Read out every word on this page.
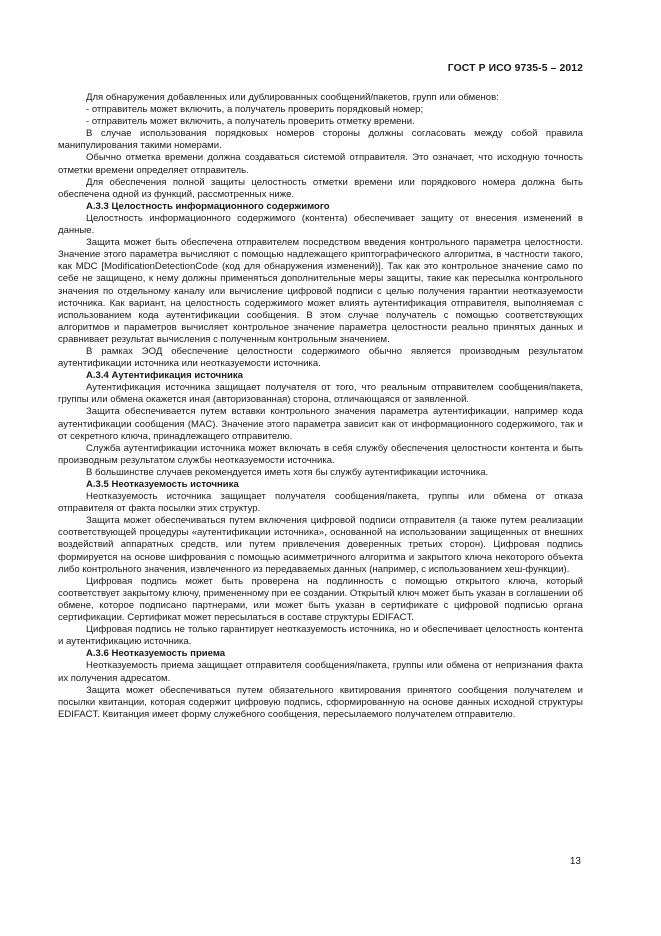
ГОСТ Р ИСО 9735-5 – 2012

Для обнаружения добавленных или дублированных сообщений/пакетов, групп или обменов:

- отправитель может включить, а получатель проверить порядковый номер;

- отправитель может включить, а получатель проверить отметку времени.

В случае использования порядковых номеров стороны должны согласовать между собой правила манипулирования такими номерами.

Обычно отметка времени должна создаваться системой отправителя. Это означает, что исходную точность отметки времени определяет отправитель.

Для обеспечения полной защиты целостность отметки времени или порядкового номера должна быть обеспечена одной из функций, рассмотренных ниже.

А.3.3 Целостность информационного содержимого

Целостность информационного содержимого (контента) обеспечивает защиту от внесения изменений в данные.

Защита может быть обеспечена отправителем посредством введения контрольного параметра целостности. Значение этого параметра вычисляют с помощью надлежащего криптографического алгоритма, в частности такого, как MDC [ModificationDetectionCode (код для обнаружения изменений)]. Так как это контрольное значение само по себе не защищено, к нему должны применяться дополнительные меры защиты, такие как пересылка контрольного значения по отдельному каналу или вычисление цифровой подписи с целью получения гарантии неотказуемости источника. Как вариант, на целостность содержимого может влиять аутентификация отправителя, выполняемая с использованием кода аутентификации сообщения. В этом случае получатель с помощью соответствующих алгоритмов и параметров вычисляет контрольное значение параметра целостности реально принятых данных и сравнивает результат вычисления с полученным контрольным значением.

В рамках ЭОД обеспечение целостности содержимого обычно является производным результатом аутентификации источника или неотказуемости источника.

А.3.4 Аутентификация источника

Аутентификация источника защищает получателя от того, что реальным отправителем сообщения/пакета, группы или обмена окажется иная (авторизованная) сторона, отличающаяся от заявленной.

Защита обеспечивается путем вставки контрольного значения параметра аутентификации, например кода аутентификации сообщения (MAC). Значение этого параметра зависит как от информационного содержимого, так и от секретного ключа, принадлежащего отправителю.

Служба аутентификации источника может включать в себя службу обеспечения целостности контента и быть производным результатом службы неотказуемости источника.

В большинстве случаев рекомендуется иметь хотя бы службу аутентификации источника.

А.3.5 Неотказуемость источника

Неотказуемость источника защищает получателя сообщения/пакета, группы или обмена от отказа отправителя от факта посылки этих структур.

Защита может обеспечиваться путем включения цифровой подписи отправителя (а также путем реализации соответствующей процедуры «аутентификации источника», основанной на использовании защищенных от внешних воздействий аппаратных средств, или путем привлечения доверенных третьих сторон). Цифровая подпись формируется на основе шифрования с помощью асимметричного алгоритма и закрытого ключа некоторого объекта либо контрольного значения, извлеченного из передаваемых данных (например, с использованием хеш-функции).

Цифровая подпись может быть проверена на подлинность с помощью открытого ключа, который соответствует закрытому ключу, примененному при ее создании. Открытый ключ может быть указан в соглашении об обмене, которое подписано партнерами, или может быть указан в сертификате с цифровой подписью органа сертификации. Сертификат может пересылаться в составе структуры EDIFACT.

Цифровая подпись не только гарантирует неотказуемость источника, но и обеспечивает целостность контента и аутентификацию источника.

А.3.6 Неотказуемость приема

Неотказуемость приема защищает отправителя сообщения/пакета, группы или обмена от непризнания факта их получения адресатом.

Защита может обеспечиваться путем обязательного квитирования принятого сообщения получателем и посылки квитанции, которая содержит цифровую подпись, сформированную на основе данных исходной структуры EDIFACT. Квитанция имеет форму служебного сообщения, пересылаемого получателем отправителю.

13
